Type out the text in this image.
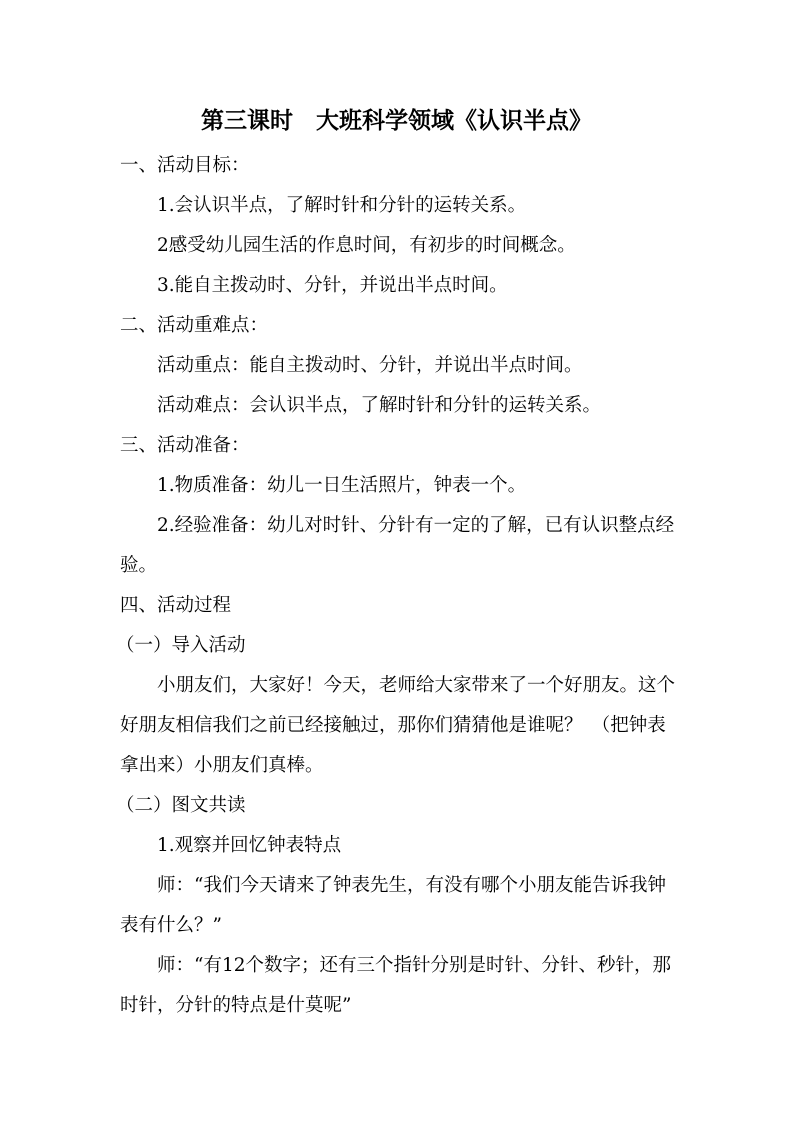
第三课时　大班科学领域《认识半点》

一、活动目标：

1.会认识半点，了解时针和分针的运转关系。

2感受幼儿园生活的作息时间，有初步的时间概念。

3.能自主拨动时、分针，并说出半点时间。

二、活动重难点：

活动重点：能自主拨动时、分针，并说出半点时间。

活动难点：会认识半点，了解时针和分针的运转关系。

三、活动准备：

1.物质准备：幼儿一日生活照片，钟表一个。

2.经验准备：幼儿对时针、分针有一定的了解，已有认识整点经验。

四、活动过程

（一）导入活动

小朋友们，大家好！今天，老师给大家带来了一个好朋友。这个好朋友相信我们之前已经接触过，那你们猜猜他是谁呢？　（把钟表拿出来）小朋友们真棒。

（二）图文共读

1.观察并回忆钟表特点

师：“我们今天请来了钟表先生，有没有哪个小朋友能告诉我钟表有什么？”

师：“有12个数字；还有三个指针分别是时针、分针、秒针，那时针，分针的特点是什莫呢”
